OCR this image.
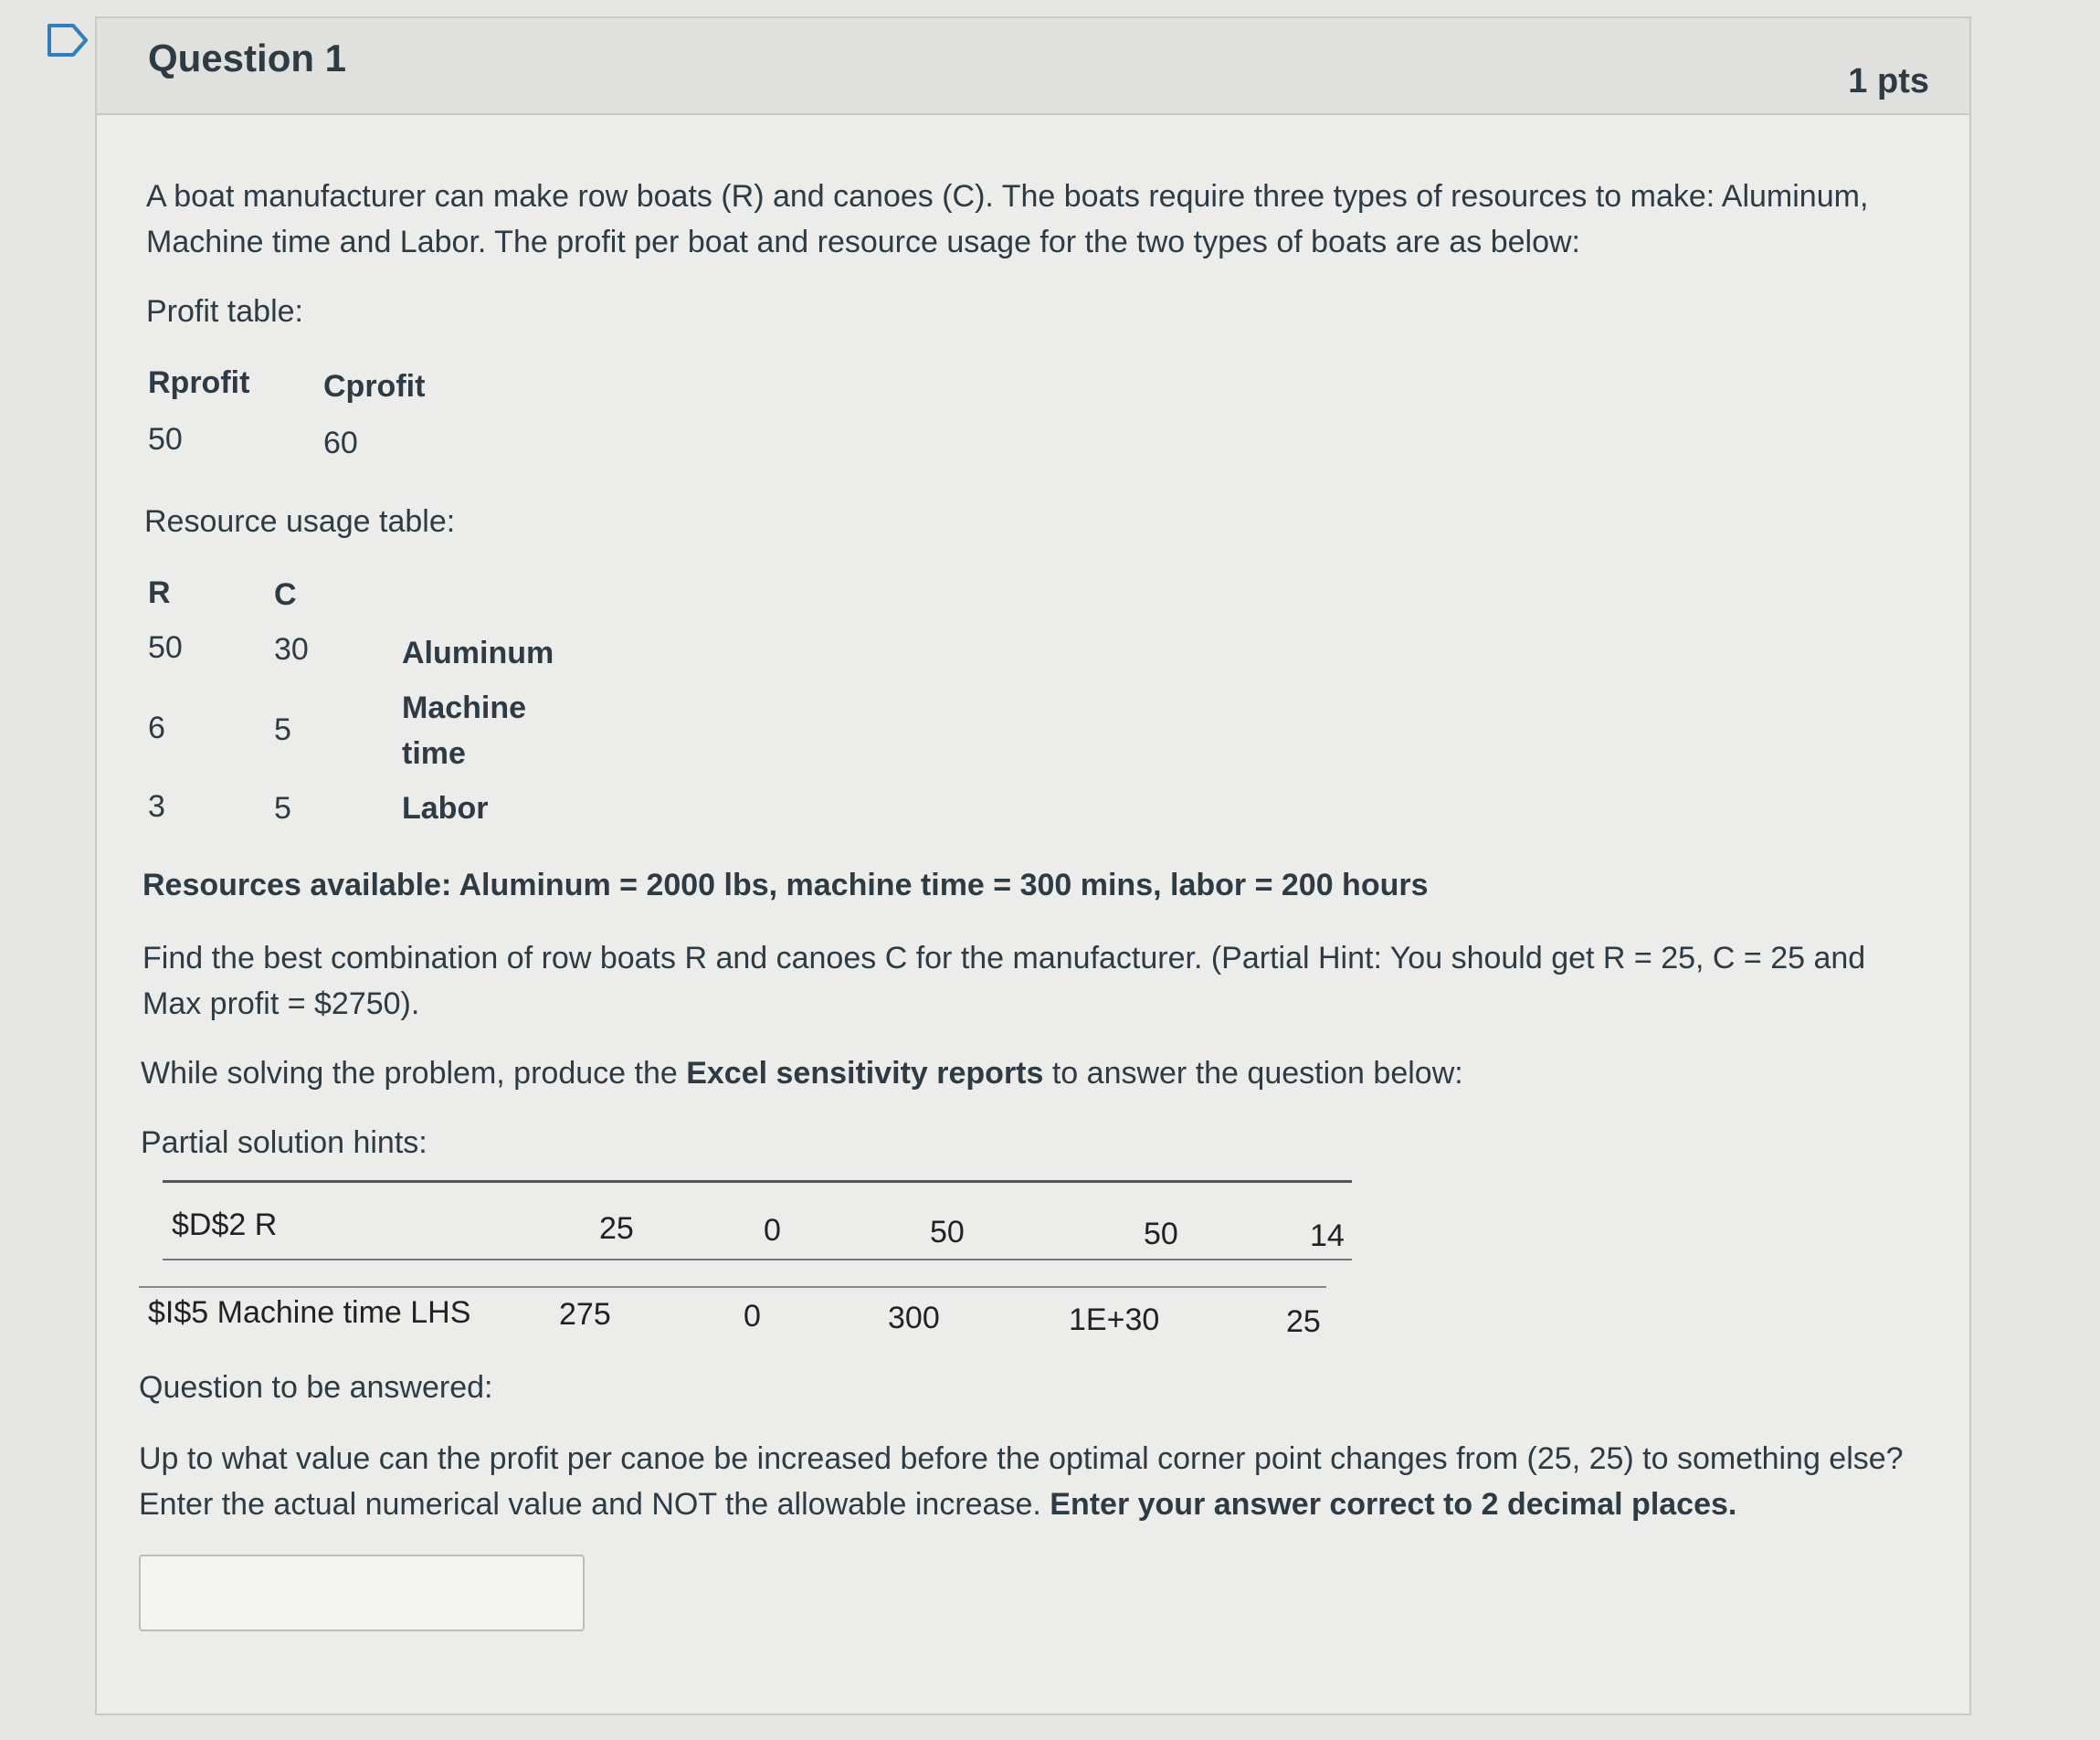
Question 1
1 pts
A boat manufacturer can make row boats (R) and canoes (C). The boats require three types of resources to make: Aluminum,
Machine time and Labor. The profit per boat and resource usage for the two types of boats are as below:
Profit table:
Rprofit Cprofit
50	60
Resource usage table:
R	C
50	30	Aluminum
6	5
Machine
time
3	5	Labor
Resources available: Aluminum = 2000 lbs, machine time = 300 mins, labor = 200 hours
Find the best combination of row boats R and canoes C for the manufacturer. (Partial Hint: You should get R = 25, C = 25 and
Max profit = $2750).
While solving the problem, produce the Excel sensitivity reports to answer the question below:
Partial solution hints:
$D$2 R	25	0	50	50	14
$I$5 Machine time LHS	275	0	300	1E+30	25
Question to be answered:
Up to what value can the profit per canoe be increased before the optimal corner point changes from (25, 25) to something else?
Enter the actual numerical value and NOT the allowable increase. Enter your answer correct to 2 decimal places.
